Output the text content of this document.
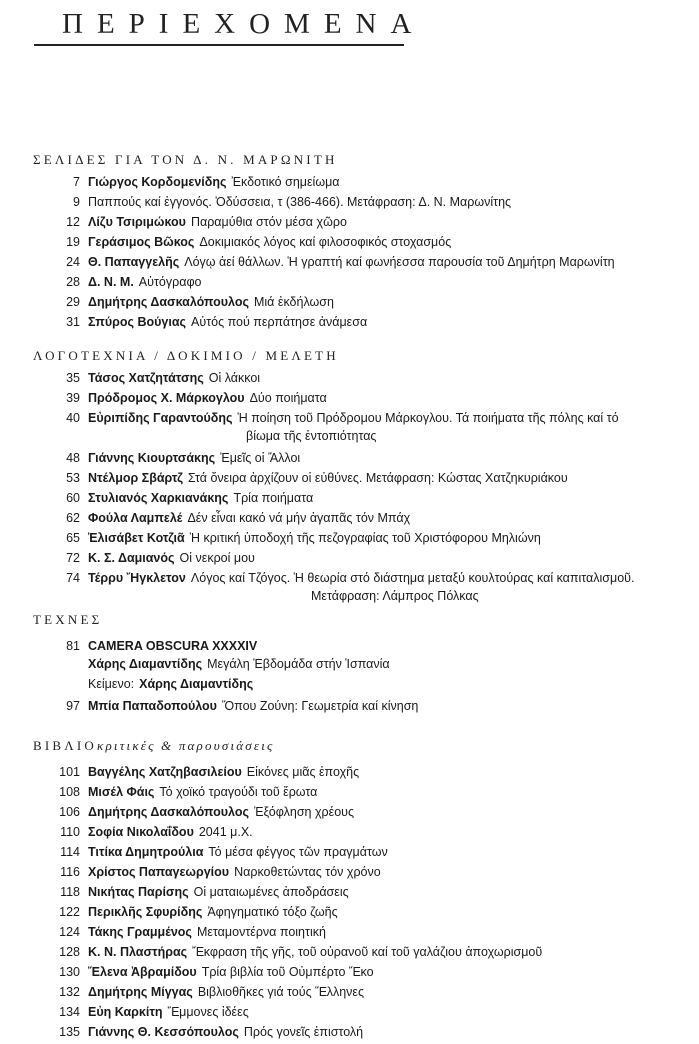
ΠΕΡΙΕΧΟΜΕΝΑ
ΣΕΛΙΔΕΣ ΓΙΑ ΤΟΝ Δ. Ν. ΜΑΡΩΝΙΤΗ
7 Γιώργος Κορδομενίδης Ἐκδοτικό σημείωμα
9 Παππούς καί ἐγγονός. Ὀδύσσεια, τ (386-466). Μετάφραση: Δ. Ν. Μαρωνίτης
12 Λίζυ Τσιριμώκου Παραμύθια στόν μέσα χῶρο
19 Γεράσιμος Βῶκος Δοκιμιακός λόγος καί φιλοσοφικός στοχασμός
24 Θ. Παπαγγελῆς Λόγῳ ἀεί θάλλων. Ἡ γραπτή καί φωνήεσσα παρουσία τοῦ Δημήτρη Μαρωνίτη
28 Δ. Ν. Μ. Αὐτόγραφο
29 Δημήτρης Δασκαλόπουλος Μιά ἐκδήλωση
31 Σπύρος Βούγιας Αὐτός πού περπάτησε ἀνάμεσα
ΛΟΓΟΤΕΧΝΙΑ / ΔΟΚΙΜΙΟ / ΜΕΛΕΤΗ
35 Τάσος Χατζητάτσης Οἱ λάκκοι
39 Πρόδρομος Χ. Μάρκογλου Δύο ποιήματα
40 Εὐριπίδης Γαραντούδης Ἡ ποίηση τοῦ Πρόδρομου Μάρκογλου. Τά ποιήματα τῆς πόλης καί τό
βίωμα τῆς ἐντοπιότητας
48 Γιάννης Κιουρτσάκης Ἐμεῖς οἱ Ἄλλοι
53 Ντέλμορ Σβάρτζ Στά ὄνειρα ἀρχίζουν οἱ εὐθύνες. Μετάφραση: Κώστας Χατζηκυριάκου
60 Στυλιανός Χαρκιανάκης Τρία ποιήματα
62 Φούλα Λαμπελέ Δέν εἶναι κακό νά μήν ἀγαπᾶς τόν Μπάχ
65 Ἐλισάβετ Κοτζιᾶ Ἡ κριτική ὑποδοχή τῆς πεζογραφίας τοῦ Χριστόφορου Μηλιώνη
72 Κ. Σ. Δαμιανός Οἱ νεκροί μου
74 Τέρρυ Ἤγκλετον Λόγος καί Τζόγος. Ἡ θεωρία στό διάστημα μεταξύ κουλτούρας καί καπιταλισμοῦ.
Μετάφραση: Λάμπρος Πόλκας
ΤΕΧΝΕΣ
81 CAMERA OBSCURA XXXXIV
Χάρης Διαμαντίδης Μεγάλη Ἑβδομάδα στήν Ἱσπανία
Κείμενο: Χάρης Διαμαντίδης
97 Μπία Παπαδοπούλου Ὅπου Ζούνη: Γεωμετρία καί κίνηση
ΒΙΒΛΙΟκριτικές & παρουσιάσεις
101 Βαγγέλης Χατζηβασιλείου Εἰκόνες μιᾶς ἐποχῆς
108 Μισέλ Φάις Τό χοϊκό τραγούδι τοῦ ἔρωτα
106 Δημήτρης Δασκαλόπουλος Ἐξόφληση χρέους
110 Σοφία Νικολαΐδου 2041 μ.Χ.
114 Τιτίκα Δημητρούλια Τό μέσα φέγγος τῶν πραγμάτων
116 Χρίστος Παπαγεωργίου Ναρκοθετώντας τόν χρόνο
118 Νικήτας Παρίσης Οἱ ματαιωμένες ἀποδράσεις
122 Περικλῆς Σφυρίδης Ἀφηγηματικό τόξο ζωῆς
124 Τάκης Γραμμένος Μεταμοντέρνα ποιητική
128 Κ. Ν. Πλαστήρας Ἔκφραση τῆς γῆς, τοῦ οὐρανοῦ καί τοῦ γαλάζιου ἀποχωρισμοῦ
130 Ἔλενα Ἀβραμίδου Τρία βιβλία τοῦ Οὐμπέρτο Ἔκο
132 Δημήτρης Μίγγας Βιβλιοθῆκες γιά τούς Ἕλληνες
134 Εὐη Καρκίτη Ἔμμονες ἰδέες
135 Γιάννης Θ. Κεσσόπουλος Πρός γονεῖς ἐπιστολή
